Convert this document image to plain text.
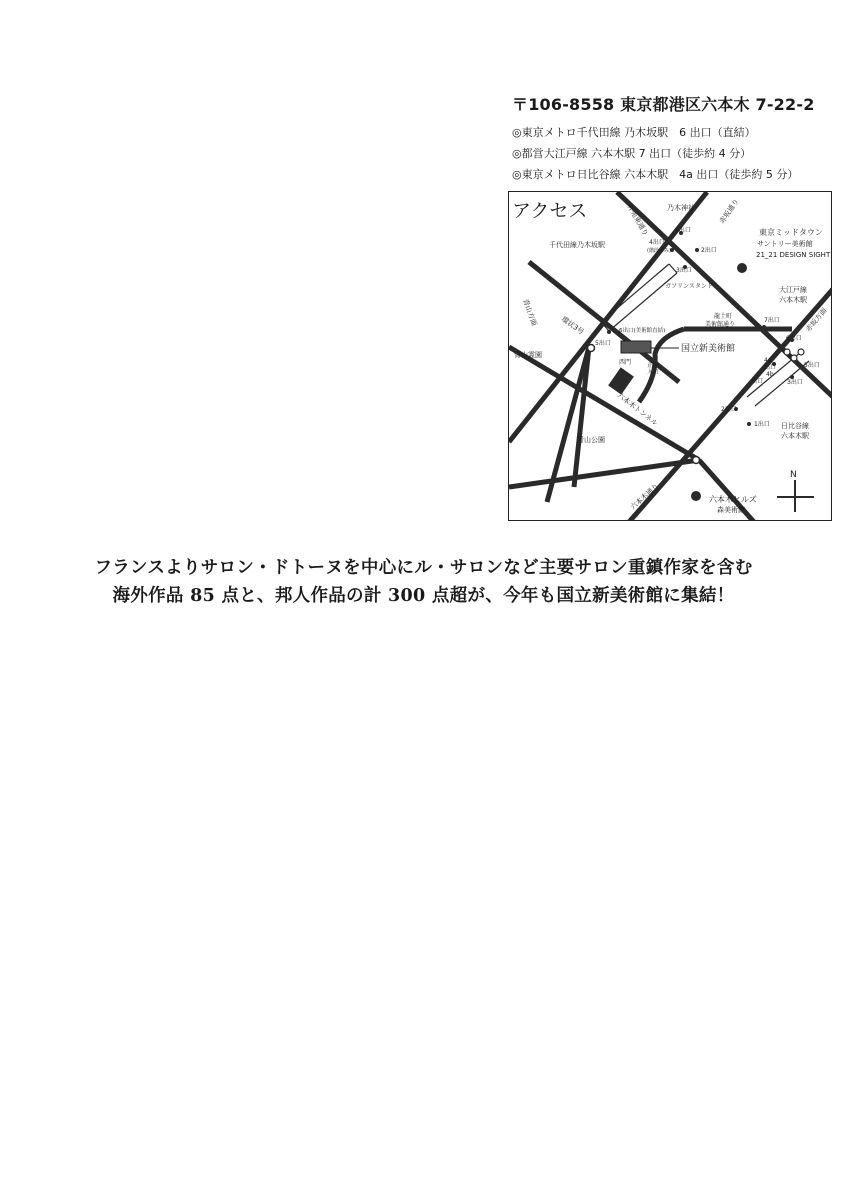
〒106-8558 東京都港区六本木 7-22-2
◎東京メトロ千代田線 乃木坂駅　6 出口（直結）
◎都営大江戸線 六本木駅 7 出口（徒歩約 4 分）
◎東京メトロ日比谷線 六本木駅　4a 出口（徒歩約 5 分）
アクセス	外苑東通り 乃木神社	赤坂通り
1出口
4出口
(階段のみ)	2出口
3出口
千代田線乃木坂駅
東京ミッドタウン
サントリー美術館
21_21 DESIGN SIGHT
ガソリンスタンド
青山方面	環状3号	龍土町
美術館通り
大江戸線
六本木駅
7出口	赤坂方面
6出口
6出口(美術館直結)
5出口
国立新美術館
青山霊園
西門	正面
入口
4a
出口	5出口
4b
出口	3出口
六本木トンネル
青山公園
2出口
1出口 日比谷線
六本木駅
六本木通り	六本木ヒルズ
森美術館
N
フランスよりサロン・ドトーヌを中心にル・サロンなど主要サロン重鎮作家を含む
海外作品 85 点と、邦人作品の計 300 点超が、今年も国立新美術館に集結！
